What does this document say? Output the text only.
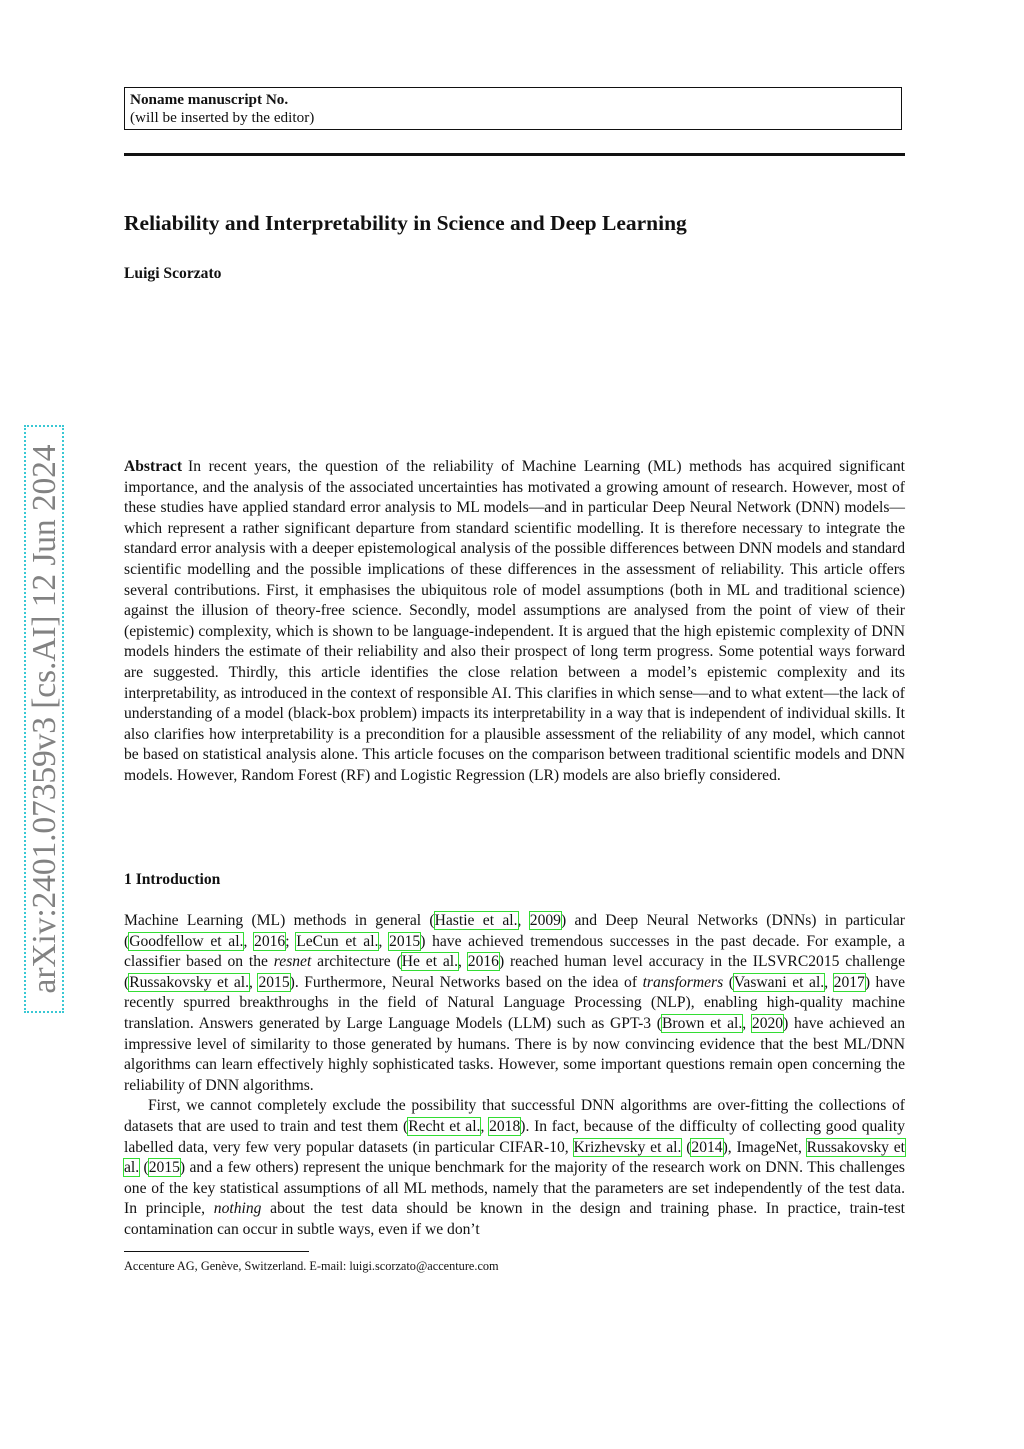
Noname manuscript No.
(will be inserted by the editor)
Reliability and Interpretability in Science and Deep Learning
Luigi Scorzato
arXiv:2401.07359v3 [cs.AI] 12 Jun 2024	Abstract In recent years, the question of the reliability of Machine Learning (ML) methods has acquired significant importance, and the analysis of the associated uncertainties has motivated a growing amount of research. However, most of these studies have applied standard error analysis to ML models—and in particular Deep Neural Network (DNN) models—which represent a rather significant departure from standard scientific modelling. It is therefore necessary to integrate the standard error analysis with a deeper epistemological analysis of the possible differences between DNN models and standard scientific modelling and the possible implications of these differences in the assessment of reliability. This article offers several contributions. First, it emphasises the ubiquitous role of model assumptions (both in ML and traditional science) against the illusion of theory-free science. Secondly, model assumptions are analysed from the point of view of their (epistemic) complexity, which is shown to be language-independent. It is argued that the high epistemic complexity of DNN models hinders the estimate of their reliability and also their prospect of long term progress. Some potential ways forward are suggested. Thirdly, this article identifies the close relation between a model’s epistemic complexity and its interpretability, as introduced in the context of responsible AI. This clarifies in which sense—and to what extent—the lack of understanding of a model (black-box problem) impacts its interpretability in a way that is independent of individual skills. It also clarifies how interpretability is a precondition for a plausible assessment of the reliability of any model, which cannot be based on statistical analysis alone. This article focuses on the comparison between traditional scientific models and DNN models. However, Random Forest (RF) and Logistic Regression (LR) models are also briefly considered.

1 Introduction

Machine Learning (ML) methods in general (Hastie et al., 2009) and Deep Neural Networks (DNNs) in particular (Goodfellow et al., 2016; LeCun et al., 2015) have achieved tremendous successes in the past decade. For example, a classifier based on the resnet architecture (He et al., 2016) reached human level accuracy in the ILSVRC2015 challenge (Russakovsky et al., 2015). Furthermore, Neural Networks based on the idea of transformers (Vaswani et al., 2017) have recently spurred breakthroughs in the field of Natural Language Processing (NLP), enabling high-quality machine translation. Answers generated by Large Language Models (LLM) such as GPT-3 (Brown et al., 2020) have achieved an impressive level of similarity to those generated by humans. There is by now convincing evidence that the best ML/DNN algorithms can learn effectively highly sophisticated tasks. However, some important questions remain open concerning the reliability of DNN algorithms.

First, we cannot completely exclude the possibility that successful DNN algorithms are over-fitting the collections of datasets that are used to train and test them (Recht et al., 2018). In fact, because of the difficulty of collecting good quality labelled data, very few very popular datasets (in particular CIFAR-10, Krizhevsky et al. (2014), ImageNet, Russakovsky et al. (2015) and a few others) represent the unique benchmark for the majority of the research work on DNN. This challenges one of the key statistical assumptions of all ML methods, namely that the parameters are set independently of the test data. In principle, nothing about the test data should be known in the design and training phase. In practice, train-test contamination can occur in subtle ways, even if we don’t

Accenture AG, Genève, Switzerland. E-mail: luigi.scorzato@accenture.com
